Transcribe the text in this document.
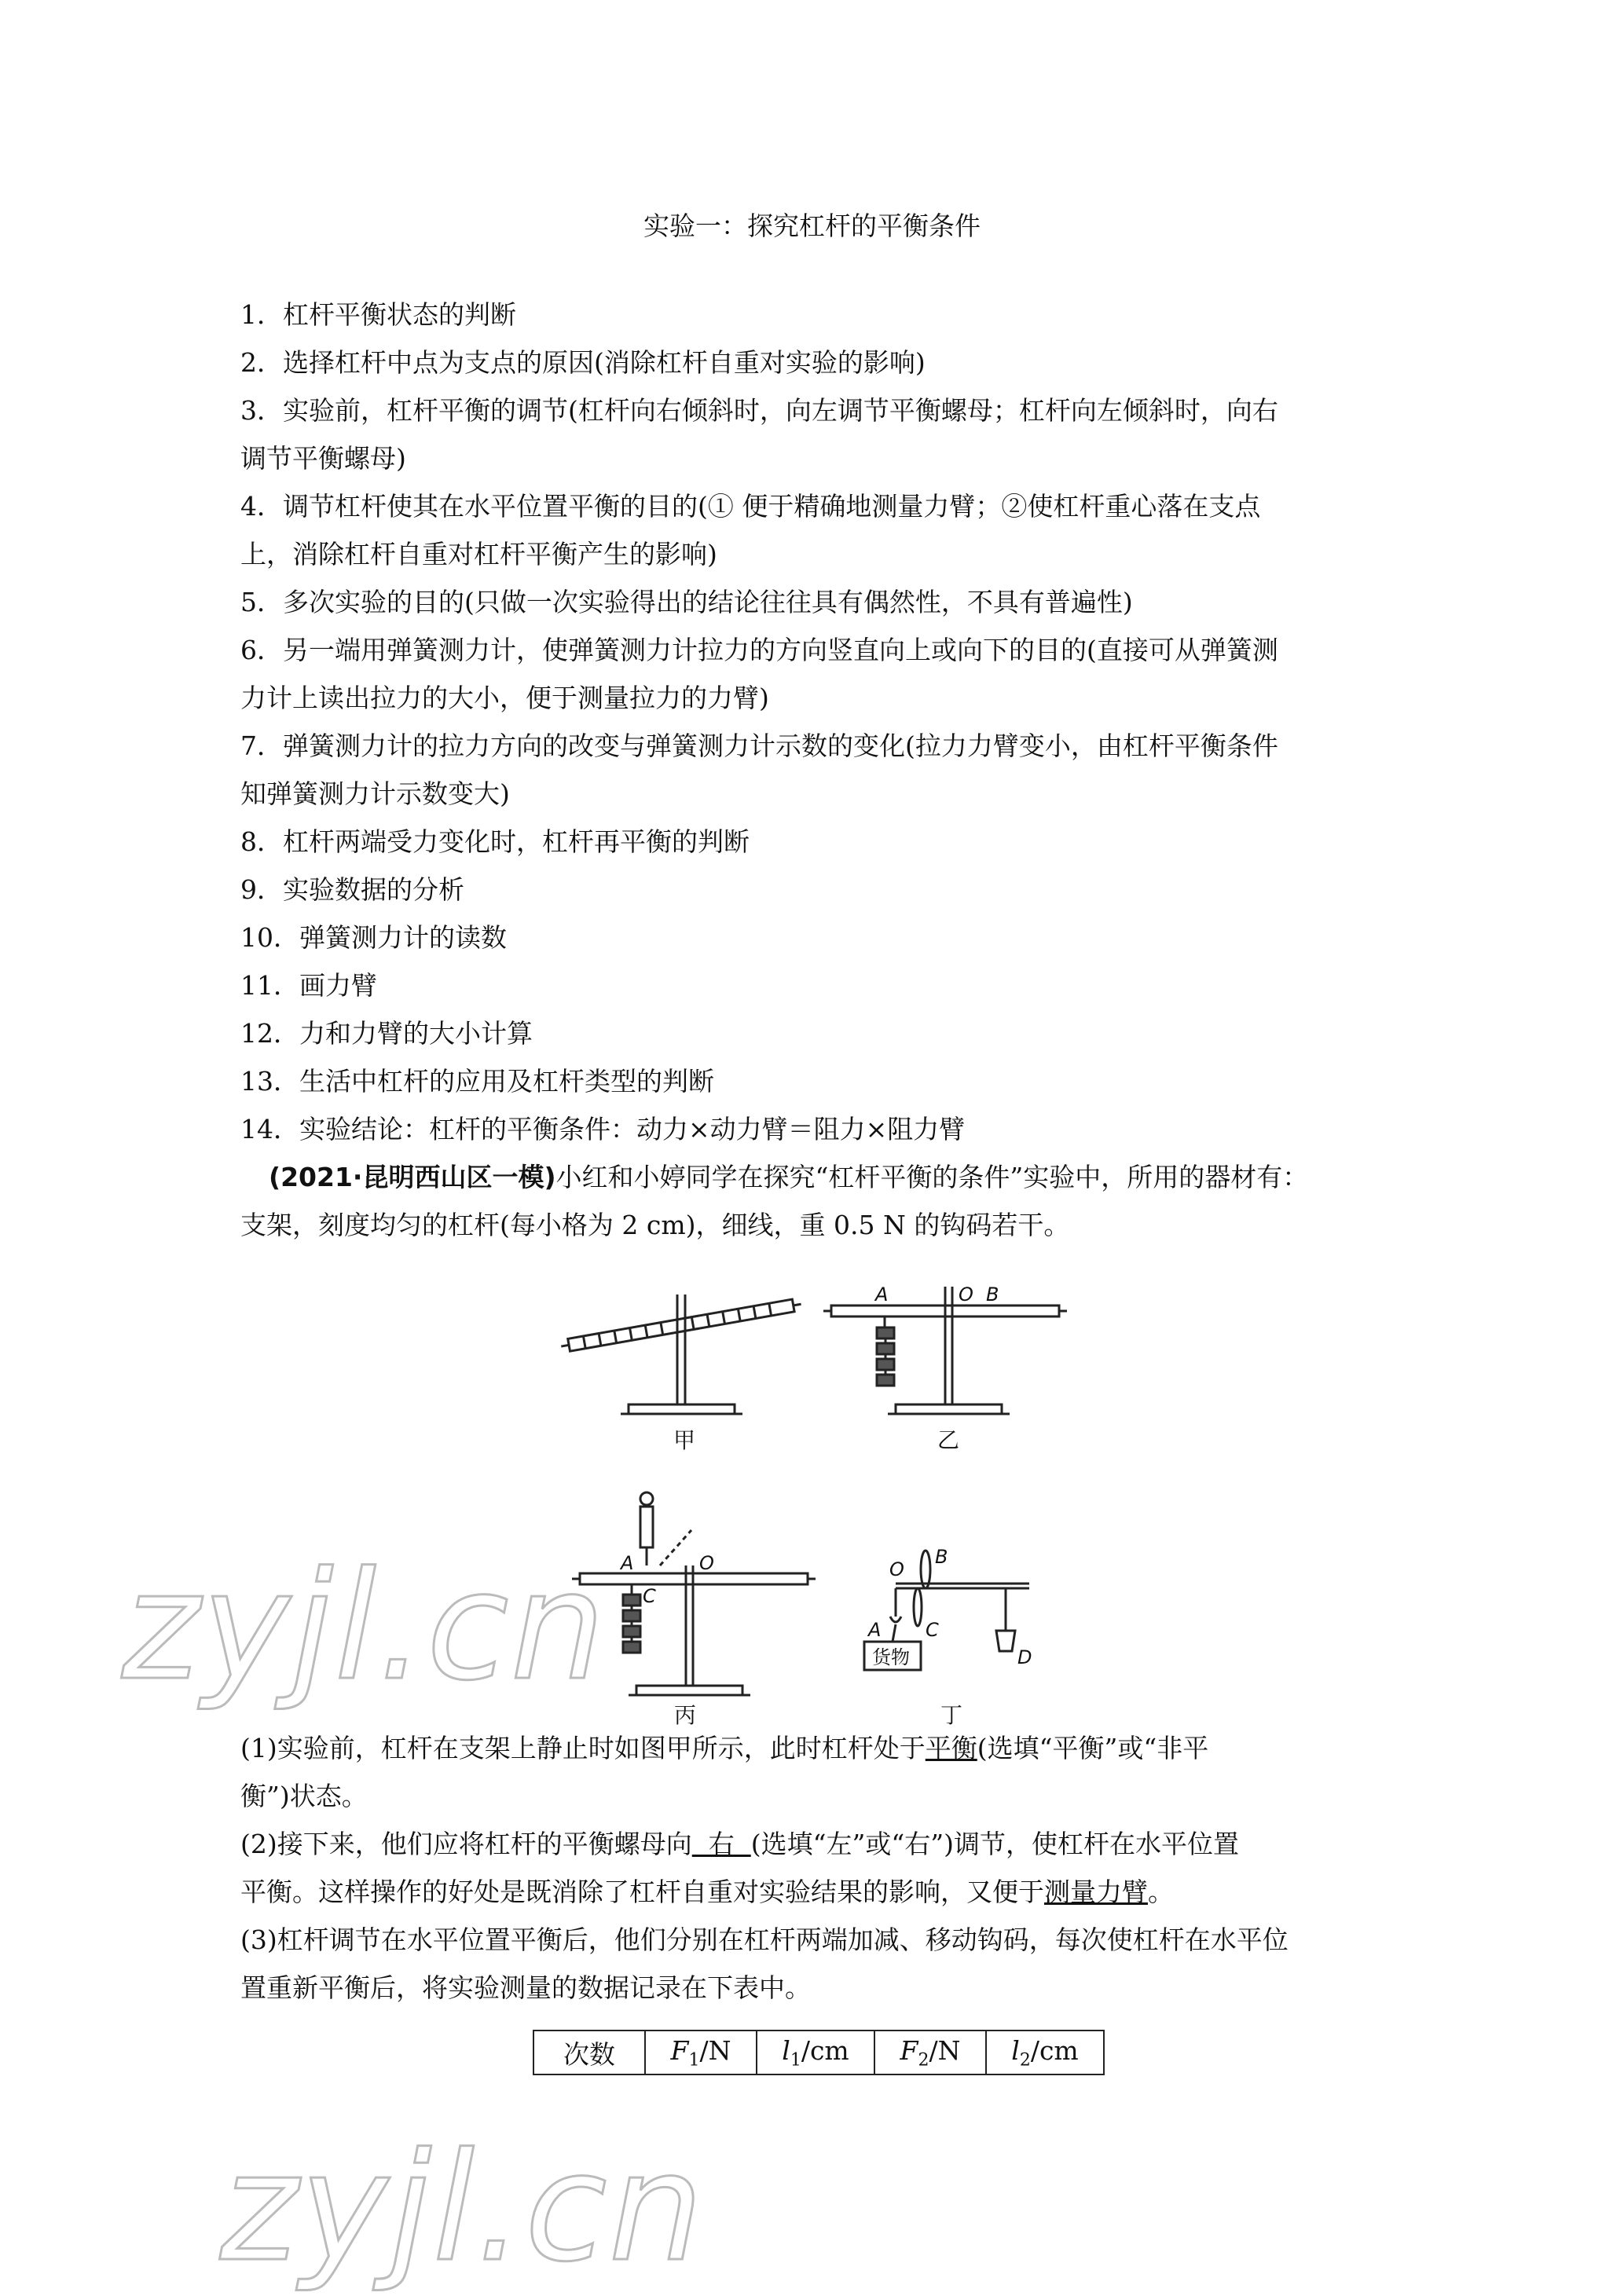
实验一：探究杠杆的平衡条件
1．杠杆平衡状态的判断
2．选择杠杆中点为支点的原因(消除杠杆自重对实验的影响)
3．实验前，杠杆平衡的调节(杠杆向右倾斜时，向左调节平衡螺母；杠杆向左倾斜时，向右
调节平衡螺母)
4．调节杠杆使其在水平位置平衡的目的(① 便于精确地测量力臂；②使杠杆重心落在支点
上，消除杠杆自重对杠杆平衡产生的影响)
5．多次实验的目的(只做一次实验得出的结论往往具有偶然性，不具有普遍性)
6．另一端用弹簧测力计，使弹簧测力计拉力的方向竖直向上或向下的目的(直接可从弹簧测
力计上读出拉力的大小，便于测量拉力的力臂)
7．弹簧测力计的拉力方向的改变与弹簧测力计示数的变化(拉力力臂变小，由杠杆平衡条件
知弹簧测力计示数变大)
8．杠杆两端受力变化时，杠杆再平衡的判断
9．实验数据的分析
10．弹簧测力计的读数
11．画力臂
12．力和力臂的大小计算
13．生活中杠杆的应用及杠杆类型的判断
14．实验结论：杠杆的平衡条件：动力×动力臂＝阻力×阻力臂
(2021·昆明西山区一模)小红和小婷同学在探究“杠杆平衡的条件”实验中，所用的器材有：
支架，刻度均匀的杠杆(每小格为 2 cm)，细线，重 0.5 N 的钩码若干。
甲	乙
丙	丁
A	O B
A	O
C
O
B
A C
D
货物
(1)实验前，杠杆在支架上静止时如图甲所示，此时杠杆处于平衡(选填“平衡”或“非平
衡”)状态。
(2)接下来，他们应将杠杆的平衡螺母向  右  (选填“左”或“右”)调节，使杠杆在水平位置
平衡。这样操作的好处是既消除了杠杆自重对实验结果的影响，又便于测量力臂。
(3)杠杆调节在水平位置平衡后，他们分别在杠杆两端加减、移动钩码，每次使杠杆在水平位
置重新平衡后，将实验测量的数据记录在下表中。
次数	$F_1/N$	$l_1/cm$	$F_2/N$	$l_2/cm$
zyjl.cn
zyjl.cn
